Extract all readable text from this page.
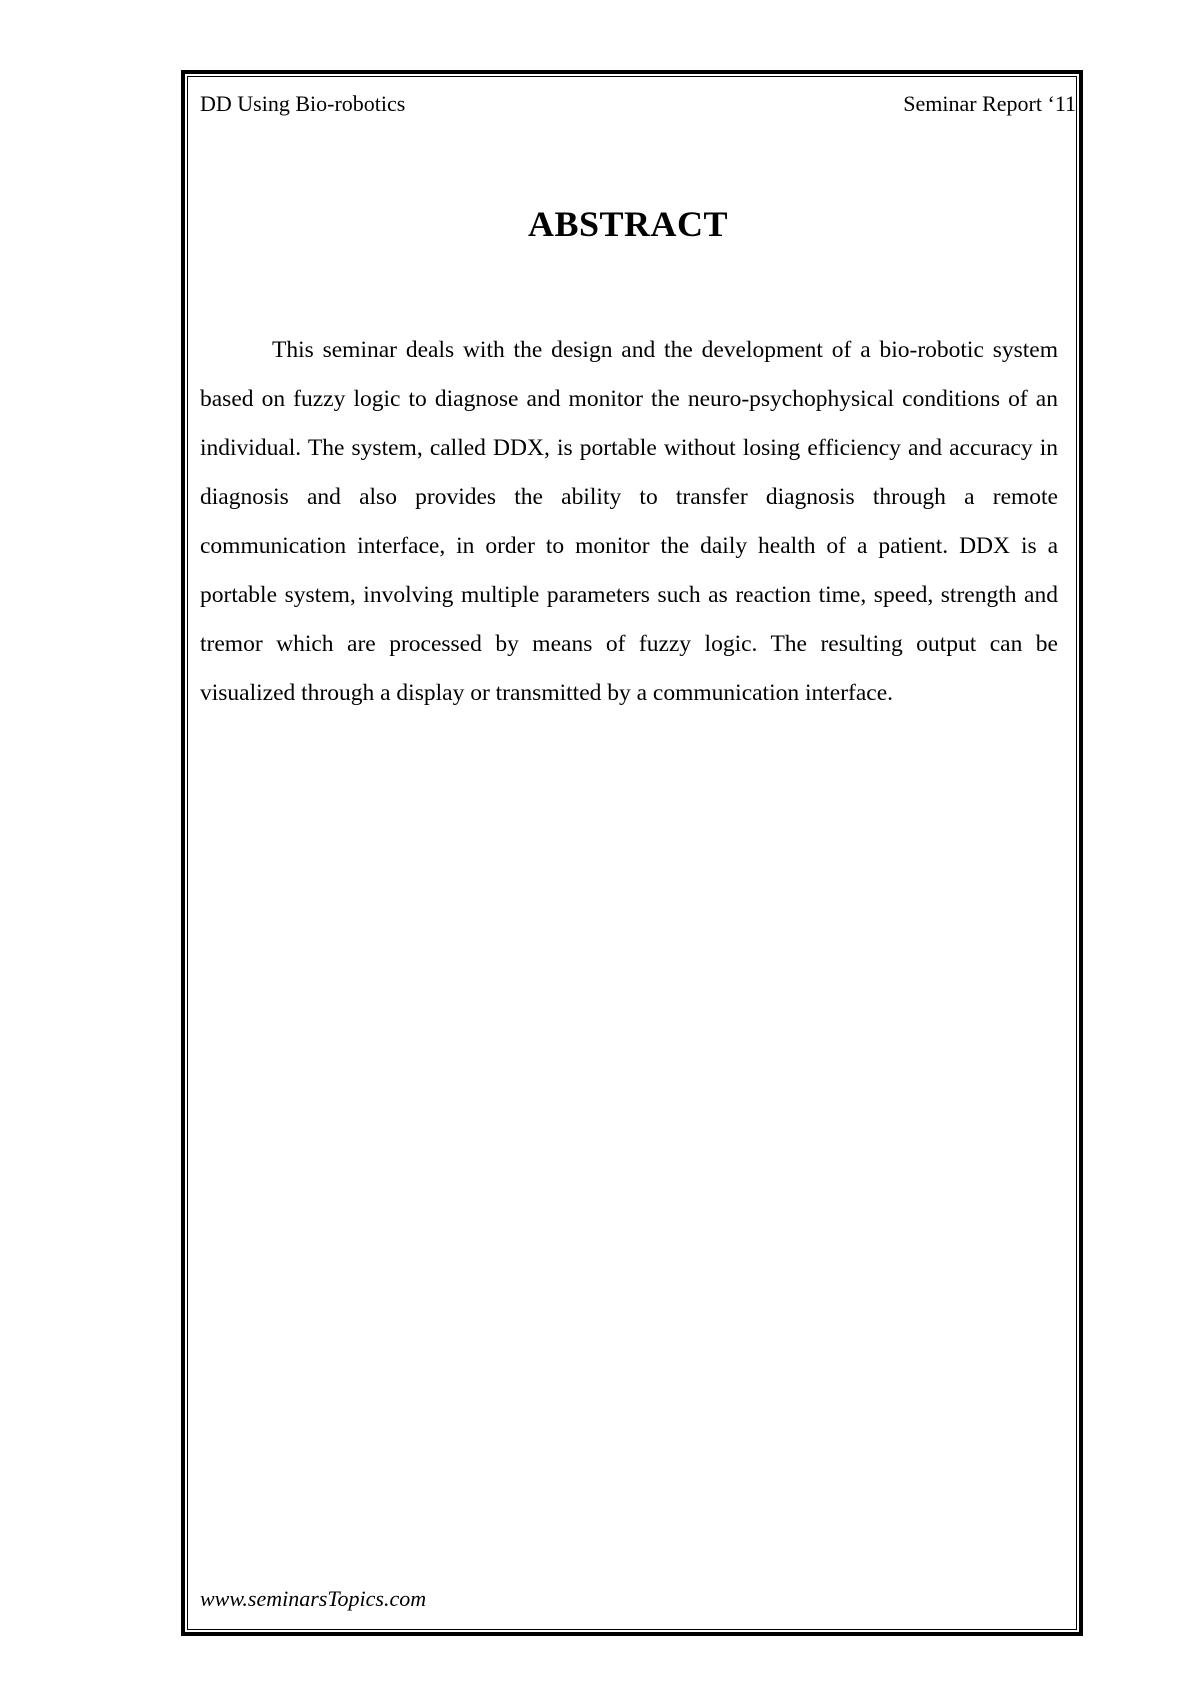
DD Using Bio-robotics	Seminar Report ‘11
ABSTRACT

This seminar deals with the design and the development of a bio-robotic system based on fuzzy logic to diagnose and monitor the neuro-psychophysical conditions of an individual. The system, called DDX, is portable without losing efficiency and accuracy in diagnosis and also provides the ability to transfer diagnosis through a remote communication interface, in order to monitor the daily health of a patient. DDX is a portable system, involving multiple parameters such as reaction time, speed, strength and tremor which are processed by means of fuzzy logic. The resulting output can be visualized through a display or transmitted by a communication interface.

www.seminarsTopics.com
